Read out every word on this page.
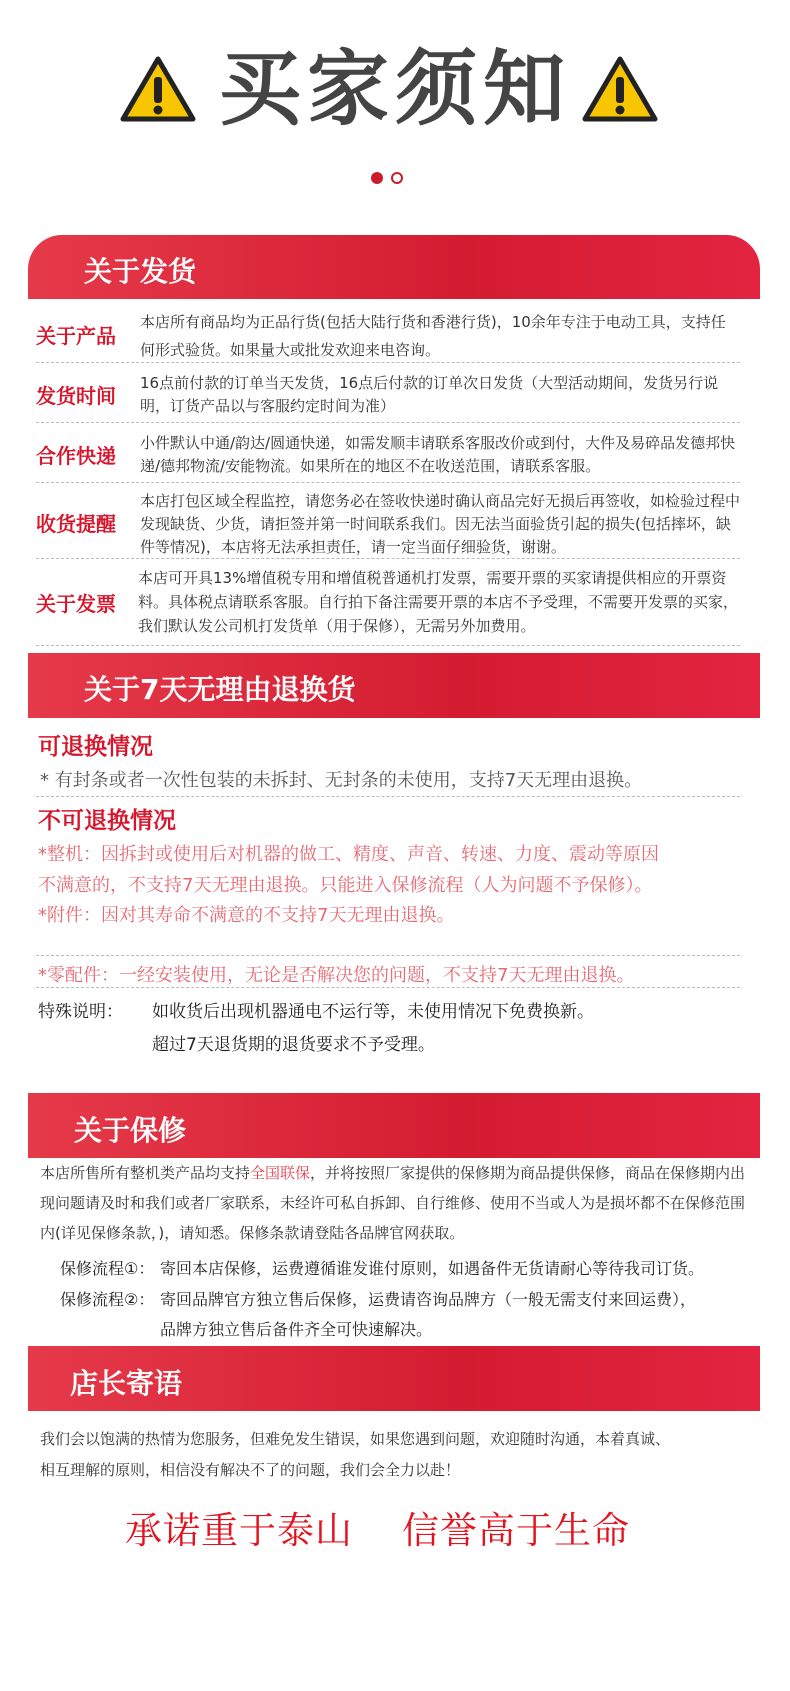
买家须知
关于发货
关于产品
本店所有商品均为正品行货(包括大陆行货和香港行货)，10余年专注于电动工具，支持任何形式验货。如果量大或批发欢迎来电咨询。
发货时间
16点前付款的订单当天发货，16点后付款的订单次日发货（大型活动期间，发货另行说明，订货产品以与客服约定时间为准）
合作快递
小件默认中通/韵达/圆通快递，如需发顺丰请联系客服改价或到付，大件及易碎品发德邦快递/德邦物流/安能物流。如果所在的地区不在收送范围，请联系客服。
收货提醒
本店打包区域全程监控，请您务必在签收快递时确认商品完好无损后再签收，如检验过程中发现缺货、少货，请拒签并第一时间联系我们。因无法当面验货引起的损失(包括摔坏，缺件等情况)，本店将无法承担责任，请一定当面仔细验货，谢谢。
关于发票
本店可开具13%增值税专用和增值税普通机打发票，需要开票的买家请提供相应的开票资料。具体税点请联系客服。自行拍下备注需要开票的本店不予受理，不需要开发票的买家，我们默认发公司机打发货单（用于保修），无需另外加费用。
关于7天无理由退换货
可退换情况
* 有封条或者一次性包装的未拆封、无封条的未使用，支持7天无理由退换。
不可退换情况
*整机：因拆封或使用后对机器的做工、精度、声音、转速、力度、震动等原因
不满意的，不支持7天无理由退换。只能进入保修流程（人为问题不予保修）。
*附件：因对其寿命不满意的不支持7天无理由退换。
*零配件：一经安装使用，无论是否解决您的问题，不支持7天无理由退换。
特殊说明： 如收货后出现机器通电不运行等，未使用情况下免费换新。
超过7天退货期的退货要求不予受理。
关于保修
本店所售所有整机类产品均支持全国联保，并将按照厂家提供的保修期为商品提供保修，商品在保修期内出现问题请及时和我们或者厂家联系，未经许可私自拆卸、自行维修、使用不当或人为是损坏都不在保修范围内(详见保修条款，)，请知悉。保修条款请登陆各品牌官网获取。
保修流程①： 寄回本店保修，运费遵循谁发谁付原则，如遇备件无货请耐心等待我司订货。
保修流程②： 寄回品牌官方独立售后保修，运费请咨询品牌方（一般无需支付来回运费），
品牌方独立售后备件齐全可快速解决。
店长寄语
我们会以饱满的热情为您服务，但难免发生错误，如果您遇到问题，欢迎随时沟通，本着真诚、
相互理解的原则，相信没有解决不了的问题，我们会全力以赴！
承诺重于泰山 信誉高于生命
